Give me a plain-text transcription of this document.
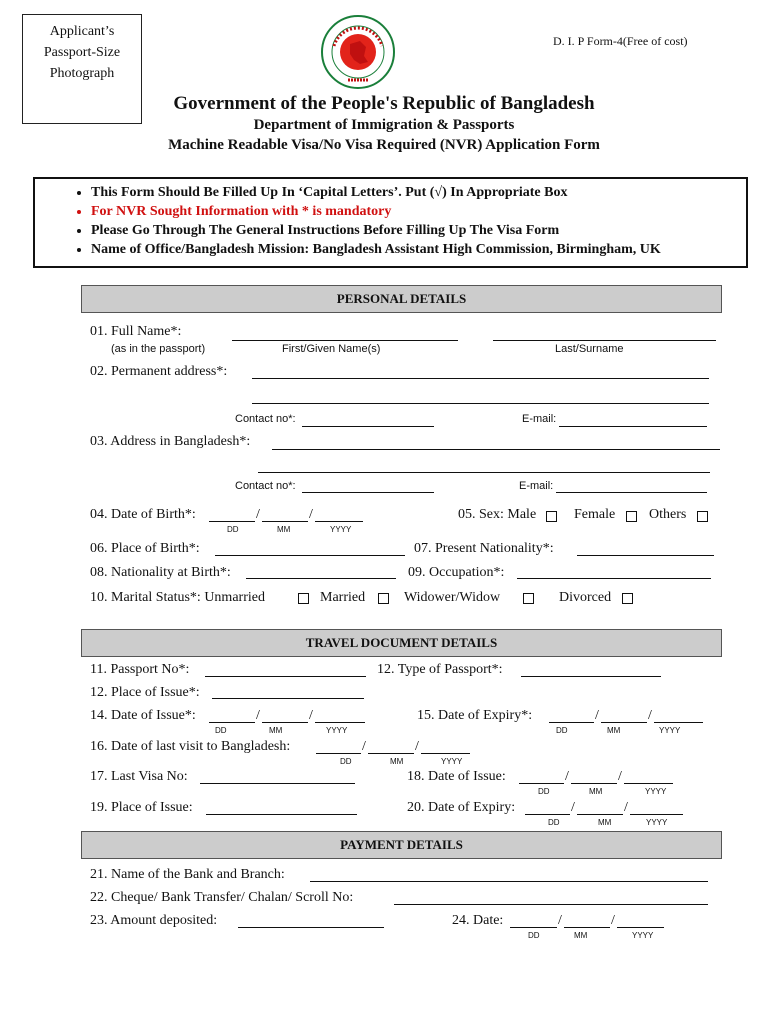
Applicant’s
Passport-Size
Photograph
D. I. P Form-4(Free of cost)
Government of the People's Republic of Bangladesh
Department of Immigration & Passports
Machine Readable Visa/No Visa Required (NVR) Application Form
• This Form Should Be Filled Up In ‘Capital Letters’. Put (√) In Appropriate Box
• For NVR Sought Information with * is mandatory
• Please Go Through The General Instructions Before Filling Up The Visa Form
• Name of Office/Bangladesh Mission: Bangladesh Assistant High Commission, Birmingham, UK
PERSONAL DETAILS
01. Full Name*:
(as in the passport)	First/Given Name(s)	Last/Surname
02. Permanent address*:
Contact no*:	E-mail:
03. Address in Bangladesh*:
Contact no*:	E-mail:
04. Date of Birth*:	/	/
DD	MM	YYYY
05. Sex: Male	Female Others
06. Place of Birth*:	07. Present Nationality*:
08. Nationality at Birth*:	09. Occupation*:
10. Marital Status*: Unmarried	Married	Widower/Widow	Divorced
TRAVEL DOCUMENT DETAILS
11. Passport No*:	12. Type of Passport*:
12. Place of Issue*:
14. Date of Issue*:	/	/
DD	MM	YYYY
15. Date of Expiry*:	/	/
DD	MM	YYYY
16. Date of last visit to Bangladesh:	/	/
DD	MM	YYYY
17. Last Visa No:	18. Date of Issue:	/	/
DD	MM	YYYY
19. Place of Issue:	20. Date of Expiry:	/	/
DD	MM	YYYY
PAYMENT DETAILS
21. Name of the Bank and Branch:
22. Cheque/ Bank Transfer/ Chalan/ Scroll No:
23. Amount deposited:	24. Date:	/	/
DD	MM	YYYY
